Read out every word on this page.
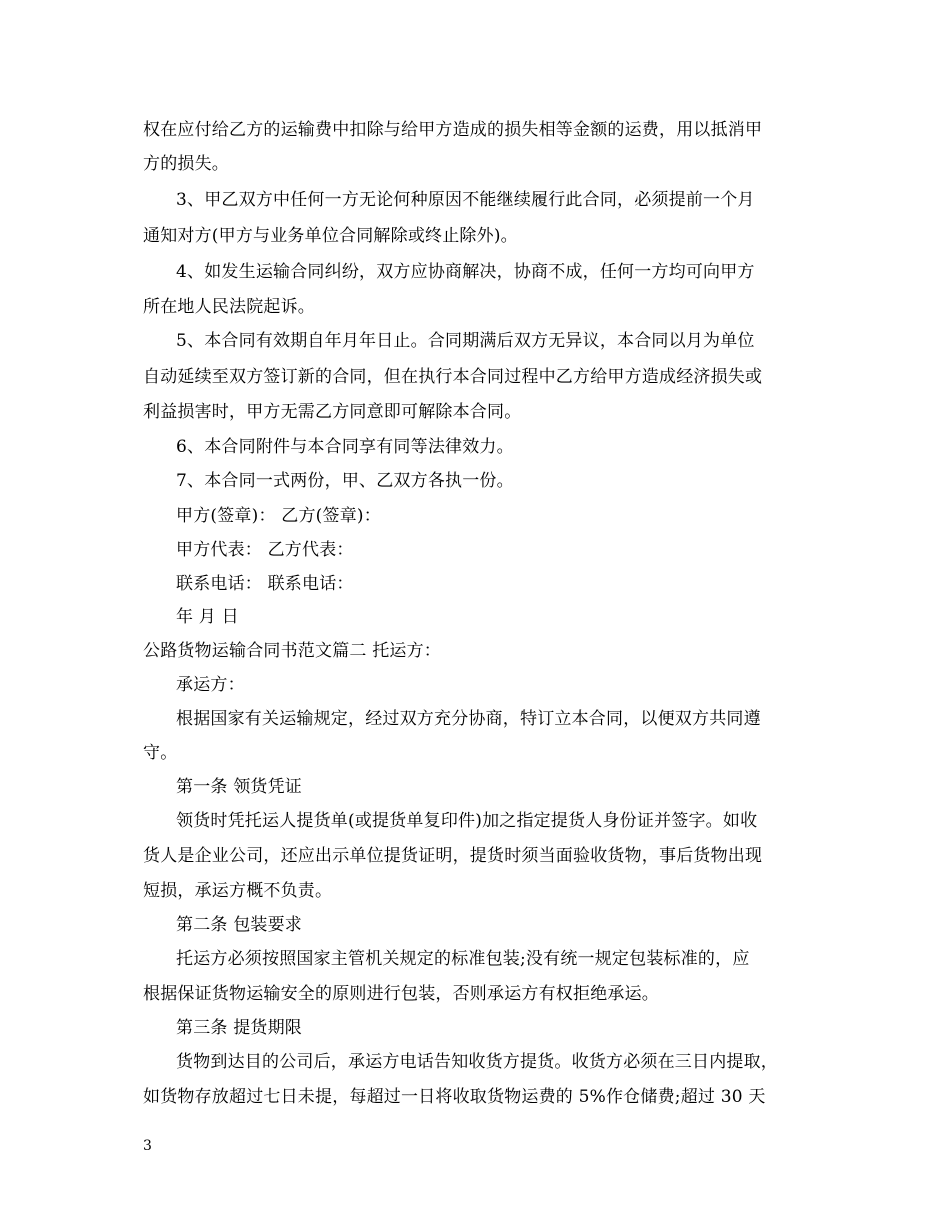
权在应付给乙方的运输费中扣除与给甲方造成的损失相等金额的运费，用以抵消甲
方的损失。
3、甲乙双方中任何一方无论何种原因不能继续履行此合同，必须提前一个月
通知对方(甲方与业务单位合同解除或终止除外)。
4、如发生运输合同纠纷，双方应协商解决，协商不成，任何一方均可向甲方
所在地人民法院起诉。
5、本合同有效期自年月年日止。合同期满后双方无异议，本合同以月为单位
自动延续至双方签订新的合同，但在执行本合同过程中乙方给甲方造成经济损失或
利益损害时，甲方无需乙方同意即可解除本合同。
6、本合同附件与本合同享有同等法律效力。
7、本合同一式两份，甲、乙双方各执一份。
甲方(签章)： 乙方(签章)：
甲方代表： 乙方代表：
联系电话： 联系电话：
年 月 日
公路货物运输合同书范文篇二 托运方：
承运方：
根据国家有关运输规定，经过双方充分协商，特订立本合同，以便双方共同遵
守。
第一条 领货凭证
领货时凭托运人提货单(或提货单复印件)加之指定提货人身份证并签字。如收
货人是企业公司，还应出示单位提货证明，提货时须当面验收货物，事后货物出现
短损，承运方概不负责。
第二条 包装要求
托运方必须按照国家主管机关规定的标准包装;没有统一规定包装标准的，应
根据保证货物运输安全的原则进行包装，否则承运方有权拒绝承运。
第三条 提货期限
货物到达目的公司后，承运方电话告知收货方提货。收货方必须在三日内提取，
如货物存放超过七日未提，每超过一日将收取货物运费的 5%作仓储费;超过 30 天
3
